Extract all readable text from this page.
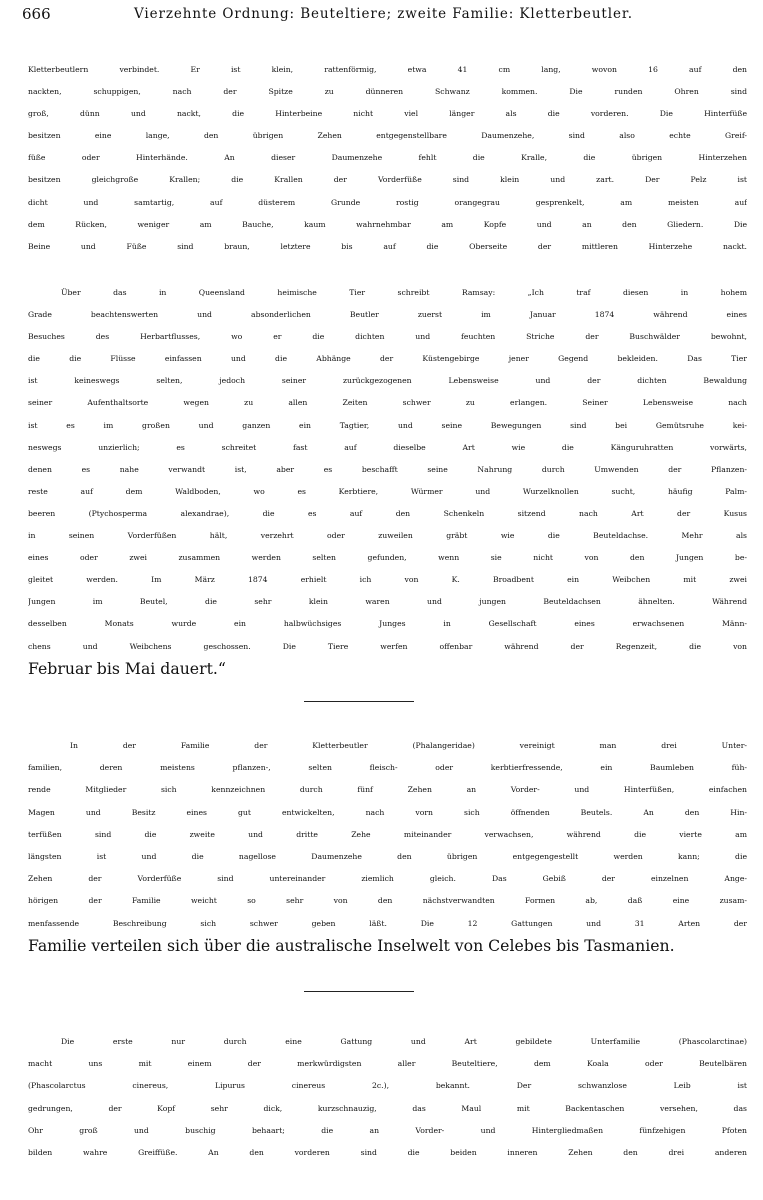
666	Vierzehnte Ordnung: Beuteltiere; zweite Familie: Kletterbeutler.
Kletterbeutlern verbindet. Er ist klein, rattenförmig, etwa 41 cm lang, wovon 16 auf den
nackten, schuppigen, nach der Spitze zu dünneren Schwanz kommen. Die runden Ohren sind
groß, dünn und nackt, die Hinterbeine nicht viel länger als die vorderen. Die Hinterfüße
besitzen eine lange, den übrigen Zehen entgegenstellbare Daumenzehe, sind also echte Greif-
füße oder Hinterhände. An dieser Daumenzehe fehlt die Kralle, die übrigen Hinterzehen
besitzen gleichgroße Krallen; die Krallen der Vorderfüße sind klein und zart. Der Pelz ist
dicht und samtartig, auf düsterem Grunde rostig orangegrau gesprenkelt, am meisten auf
dem Rücken, weniger am Bauche, kaum wahrnehmbar am Kopfe und an den Gliedern. Die
Beine und Füße sind braun, letztere bis auf die Oberseite der mittleren Hinterzehe nackt.
Über das in Queensland heimische Tier schreibt Ramsay: „Ich traf diesen in hohem
Grade beachtenswerten und absonderlichen Beutler zuerst im Januar 1874 während eines
Besuches des Herbartflusses, wo er die dichten und feuchten Striche der Buschwälder bewohnt,
die die Flüsse einfassen und die Abhänge der Küstengebirge jener Gegend bekleiden. Das Tier
ist keineswegs selten, jedoch seiner zurückgezogenen Lebensweise und der dichten Bewaldung
seiner Aufenthaltsorte wegen zu allen Zeiten schwer zu erlangen. Seiner Lebensweise nach
ist es im großen und ganzen ein Tagtier, und seine Bewegungen sind bei Gemütsruhe kei-
neswegs unzierlich; es schreitet fast auf dieselbe Art wie die Känguruhratten vorwärts,
denen es nahe verwandt ist, aber es beschafft seine Nahrung durch Umwenden der Pflanzen-
reste auf dem Waldboden, wo es Kerbtiere, Würmer und Wurzelknollen sucht, häufig Palm-
beeren (Ptychosperma alexandrae), die es auf den Schenkeln sitzend nach Art der Kusus
in seinen Vorderfüßen hält, verzehrt oder zuweilen gräbt wie die Beuteldachse. Mehr als
eines oder zwei zusammen werden selten gefunden, wenn sie nicht von den Jungen be-
gleitet werden. Im März 1874 erhielt ich von K. Broadbent ein Weibchen mit zwei
Jungen im Beutel, die sehr klein waren und jungen Beuteldachsen ähnelten. Während
desselben Monats wurde ein halbwüchsiges Junges in Gesellschaft eines erwachsenen Männ-
chens und Weibchens geschossen. Die Tiere werfen offenbar während der Regenzeit, die von
Februar bis Mai dauert.“
In der Familie der Kletterbeutler (Phalangeridae) vereinigt man drei Unter-
familien, deren meistens pflanzen-, selten fleisch- oder kerbtierfressende, ein Baumleben füh-
rende Mitglieder sich kennzeichnen durch fünf Zehen an Vorder- und Hinterfüßen, einfachen
Magen und Besitz eines gut entwickelten, nach vorn sich öffnenden Beutels. An den Hin-
terfüßen sind die zweite und dritte Zehe miteinander verwachsen, während die vierte am
längsten ist und die nagellose Daumenzehe den übrigen entgegengestellt werden kann; die
Zehen der Vorderfüße sind untereinander ziemlich gleich. Das Gebiß der einzelnen Ange-
hörigen der Familie weicht so sehr von den nächstverwandten Formen ab, daß eine zusam-
menfassende Beschreibung sich schwer geben läßt. Die 12 Gattungen und 31 Arten der
Familie verteilen sich über die australische Inselwelt von Celebes bis Tasmanien.
Die erste nur durch eine Gattung und Art gebildete Unterfamilie (Phascolarctinae)
macht uns mit einem der merkwürdigsten aller Beuteltiere, dem Koala oder Beutelbären
(Phascolarctus cinereus, Lipurus cinereus 2c.), bekannt. Der schwanzlose Leib ist
gedrungen, der Kopf sehr dick, kurzschnauzig, das Maul mit Backentaschen versehen, das
Ohr groß und buschig behaart; die an Vorder- und Hintergliedmaßen fünfzehigen Pfoten
bilden wahre Greiffüße. An den vorderen sind die beiden inneren Zehen den drei anderen
